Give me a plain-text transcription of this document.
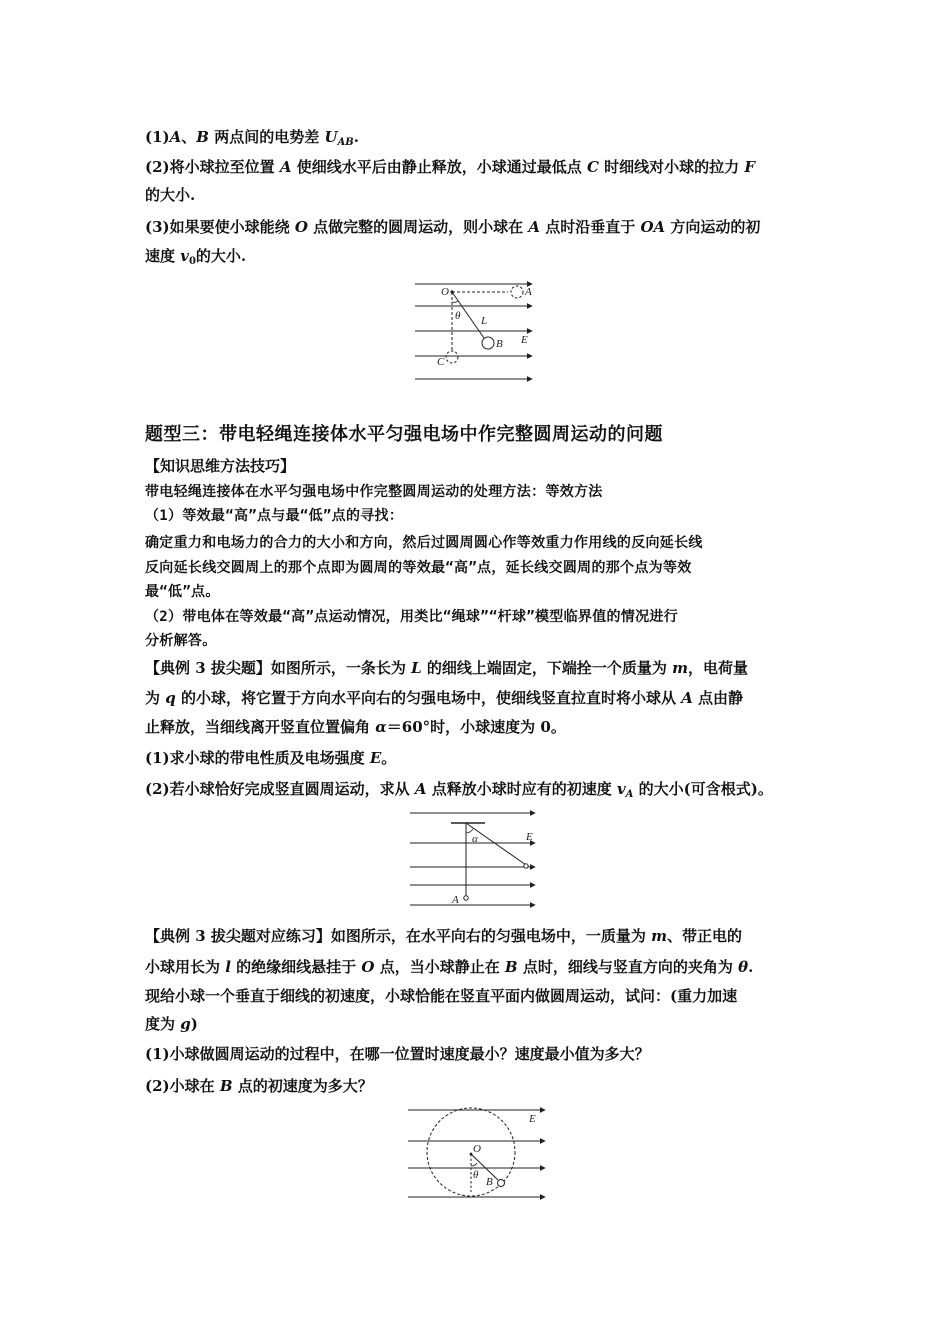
(1)A、B 两点间的电势差 $U_{AB}$.
(2)将小球拉至位置 A 使细线水平后由静止释放，小球通过最低点 C 时细线对小球的拉力 F
的大小.
(3)如果要使小球能绕 O 点做完整的圆周运动，则小球在 A 点时沿垂直于 OA 方向运动的初
速度 $v_0$的大小.
O	A
θ L
B E
C
题型三：带电轻绳连接体水平匀强电场中作完整圆周运动的问题
【知识思维方法技巧】
带电轻绳连接体在水平匀强电场中作完整圆周运动的处理方法：等效方法
（1）等效最“高”点与最“低”点的寻找：
确定重力和电场力的合力的大小和方向，然后过圆周圆心作等效重力作用线的反向延长线
反向延长线交圆周上的那个点即为圆周的等效最“高”点，延长线交圆周的那个点为等效
最“低”点。
（2）带电体在等效最“高”点运动情况，用类比“绳球”“杆球”模型临界值的情况进行
分析解答。
【典例 3 拔尖题】如图所示，一条长为 L 的细线上端固定，下端拴一个质量为 m，电荷量
为 q 的小球，将它置于方向水平向右的匀强电场中，使细线竖直拉直时将小球从 A 点由静
止释放，当细线离开竖直位置偏角 α＝60°时，小球速度为 0。
(1)求小球的带电性质及电场强度 E。
(2)若小球恰好完成竖直圆周运动，求从 A 点释放小球时应有的初速度 $v_A$ 的大小(可含根式)。
E
α
A
【典例 3 拔尖题对应练习】如图所示，在水平向右的匀强电场中，一质量为 m、带正电的
小球用长为 l 的绝缘细线悬挂于 O 点，当小球静止在 B 点时，细线与竖直方向的夹角为 θ.
现给小球一个垂直于细线的初速度，小球恰能在竖直平面内做圆周运动，试问：(重力加速
度为 g)
(1)小球做圆周运动的过程中，在哪一位置时速度最小？速度最小值为多大？
(2)小球在 B 点的初速度为多大？
E
O
θ
B
